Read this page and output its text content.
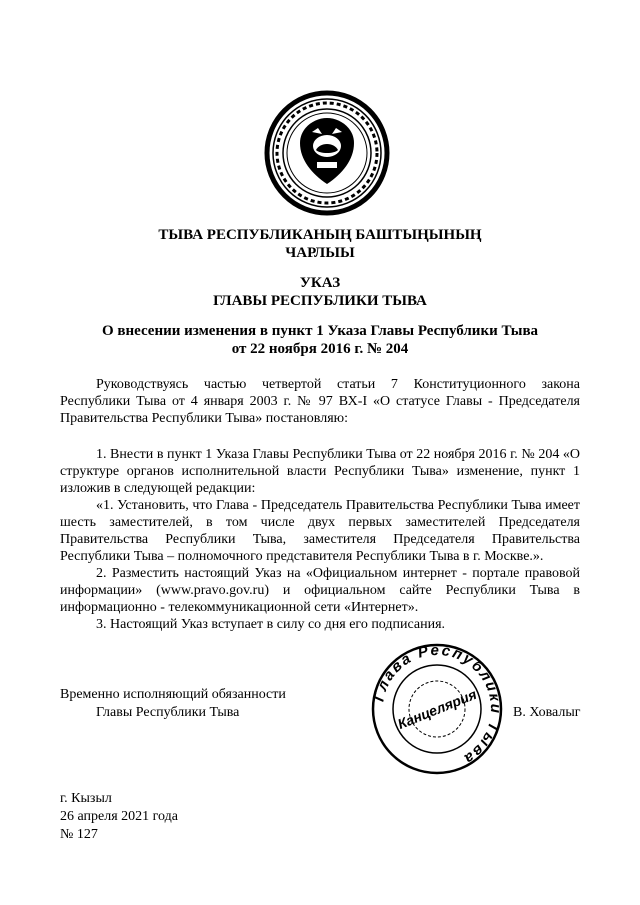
ТЫВА РЕСПУБЛИКАНЫҢ БАШТЫҢЫНЫҢ
ЧАРЛЫЫ
УКАЗ
ГЛАВЫ РЕСПУБЛИКИ ТЫВА
О внесении изменения в пункт 1 Указа Главы Республики Тыва
от 22 ноября 2016 г. № 204

Руководствуясь частью четвертой статьи 7 Конституционного закона Республики Тыва от 4 января 2003 г. № 97 ВХ-I «О статусе Главы - Председателя Правительства Республики Тыва» постановляю:

1. Внести в пункт 1 Указа Главы Республики Тыва от 22 ноября 2016 г. № 204 «О структуре органов исполнительной власти Республики Тыва» изменение, пункт 1 изложив в следующей редакции:

«1. Установить, что Глава - Председатель Правительства Республики Тыва имеет шесть заместителей, в том числе двух первых заместителей Председателя Правительства Республики Тыва, заместителя Председателя Правительства Республики Тыва – полномочного представителя Республики Тыва в г. Москве.».

2. Разместить настоящий Указ на «Официальном интернет - портале правовой информации» (www.pravo.gov.ru) и официальном сайте Республики Тыва в информационно - телекоммуникационной сети «Интернет».

3. Настоящий Указ вступает в силу со дня его подписания.

Глава Республики Тыва
Канцелярия
Временно исполняющий обязанности
Главы Республики Тыва	В. Ховалыг
г. Кызыл
26 апреля 2021 года
№ 127
